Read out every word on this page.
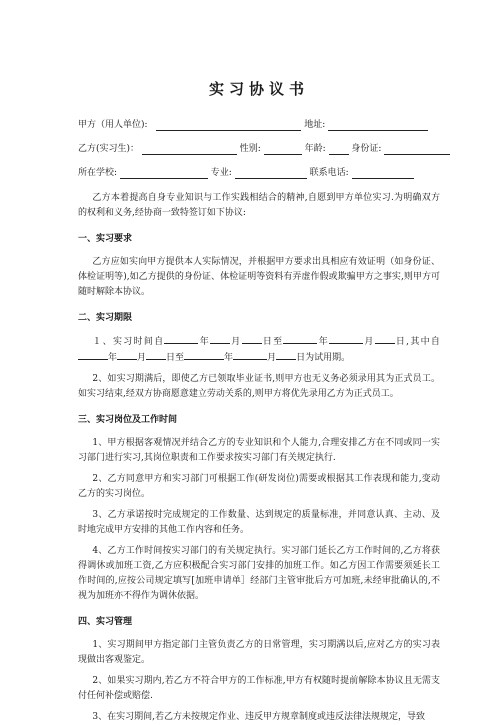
实习协议书
甲方（用人单位):	地址:
乙方(实习生)：	性别:	年龄:	身份证:
所在学校:	专业:	联系电话:

乙方本着提高自身专业知识与工作实践相结合的精神,自愿到甲方单位实习.为明确双方的权利和义务,经协商一致特签订如下协议:

一、实习要求

乙方应如实向甲方提供本人实际情况，并根据甲方要求出具相应有效证明（如身份证、体检证明等),如乙方提供的身份证、体检证明等资料有弄虚作假或欺骗甲方之事实,则甲方可随时解除本协议。

二、实习期限

１、实习时间自	年 月 日至	年	月 日,其中自年 月 日至	年	月 日为试用期。

2、如实习期满后，即使乙方已领取毕业证书,则甲方也无义务必须录用其为正式员工。如实习结束,经双方协商愿意建立劳动关系的,则甲方将优先录用乙方为正式员工。

三、实习岗位及工作时间

1、甲方根据客观情况并结合乙方的专业知识和个人能力,合理安排乙方在不同或同一实习部门进行实习,其岗位职责和工作要求按实习部门有关规定执行.

2、乙方同意甲方和实习部门可根据工作(研发岗位)需要或根据其工作表现和能力,变动乙方的实习岗位。

3、乙方承诺按时完成规定的工作数量、达到规定的质量标准，并同意认真、主动、及时地完成甲方安排的其他工作内容和任务。

4、乙方工作时间按实习部门的有关规定执行。实习部门延长乙方工作时间的,乙方将获得调休或加班工资,乙方应积极配合实习部门安排的加班工作。如乙方因工作需要须延长工作时间的,应按公司规定填写[加班申请单］经部门主管审批后方可加班,未经审批确认的,不视为加班亦不得作为调休依据。

四、实习管理

1、实习期间甲方指定部门主管负责乙方的日常管理，实习期满以后,应对乙方的实习表现做出客观鉴定。

2、如果实习期内,若乙方不符合甲方的工作标准,甲方有权随时提前解除本协议且无需支付任何补偿或赔偿.

3、在实习期间,若乙方未按规定作业、违反甲方规章制度或违反法律法规规定，导致
